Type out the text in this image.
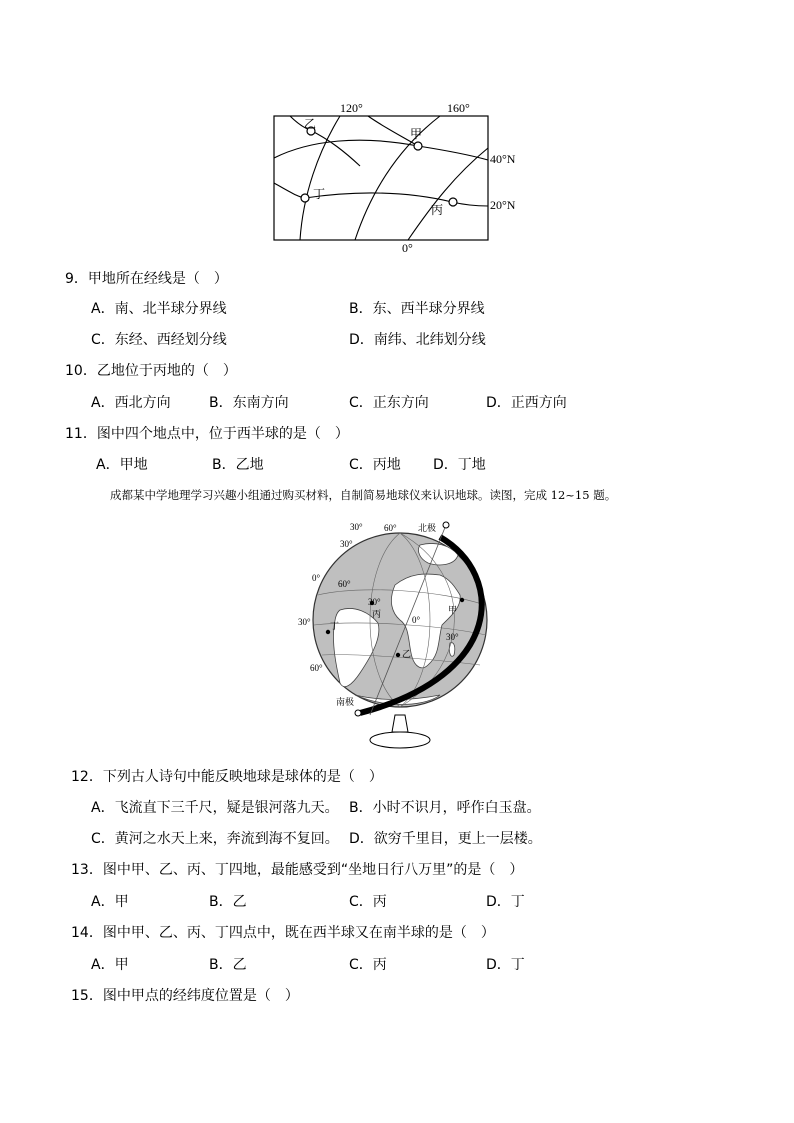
120°	160°
0°
40°N
20°N
甲
乙
丙
丁
9．甲地所在经线是（　）
A．南、北半球分界线	B．东、西半球分界线
C．东经、西经划分线	D．南纬、北纬划分线
10．乙地位于丙地的（　）
A．西北方向	B．东南方向	C．正东方向	D．正西方向
11．图中四个地点中，位于西半球的是（　）
A．甲地	B．乙地	C．丙地 D．丁地
成都某中学地理学习兴趣小组通过购买材料，自制简易地球仪来认识地球。读图，完成 12~15 题。
北极
南极
60°
30°
0°
60°
30°
30°
60°
30°
0°
30°
甲
乙
丙
丁
12．下列古人诗句中能反映地球是球体的是（　）
A．飞流直下三千尺，疑是银河落九天。 B．小时不识月，呼作白玉盘。
C．黄河之水天上来，奔流到海不复回。 D．欲穷千里目，更上一层楼。
13．图中甲、乙、丙、丁四地，最能感受到“坐地日行八万里”的是（　）
A．甲	B．乙	C．丙	D．丁
14．图中甲、乙、丙、丁四点中，既在西半球又在南半球的是（　）
A．甲	B．乙	C．丙	D．丁
15．图中甲点的经纬度位置是（　）
